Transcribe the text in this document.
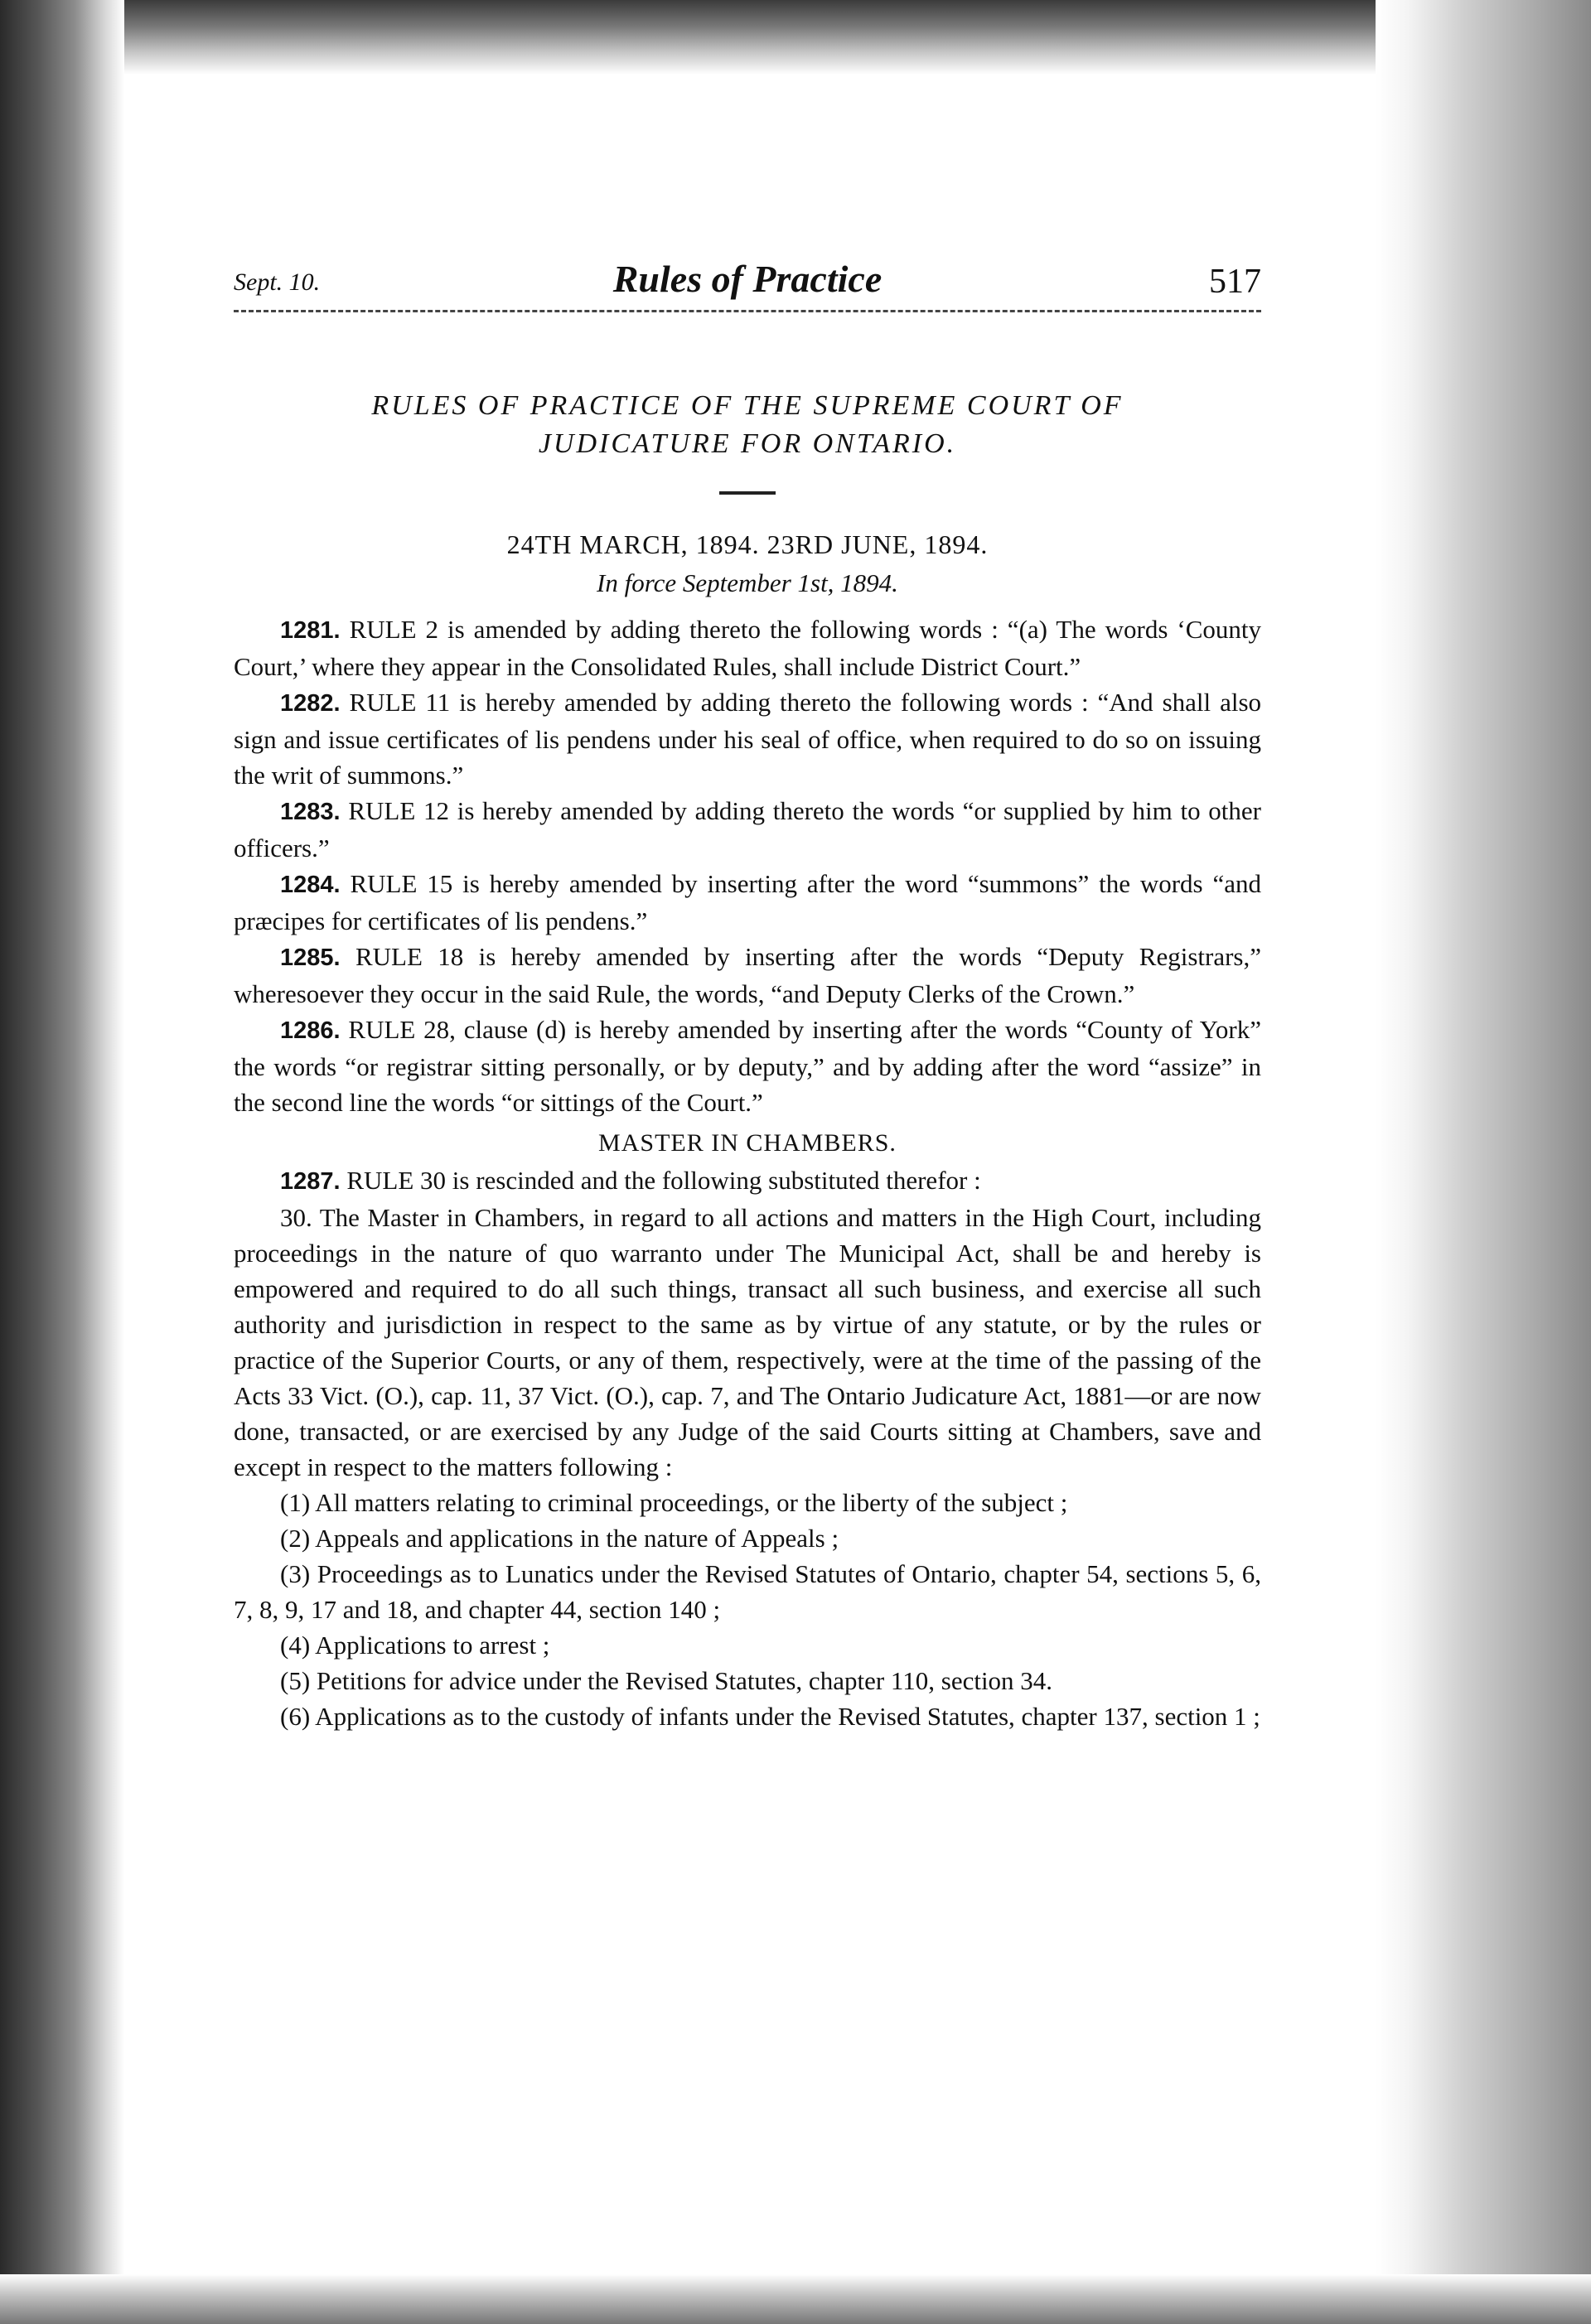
Sept. 10.	Rules of Practice	517
RULES OF PRACTICE OF THE SUPREME COURT OF
JUDICATURE FOR ONTARIO.
24TH MARCH, 1894. 23RD JUNE, 1894.
In force September 1st, 1894.

1281. RULE 2 is amended by adding thereto the following words : “(a) The words ‘County Court,’ where they appear in the Consolidated Rules, shall include District Court.”

1282. RULE 11 is hereby amended by adding thereto the following words : “And shall also sign and issue certificates of lis pendens under his seal of office, when required to do so on issuing the writ of summons.”

1283. RULE 12 is hereby amended by adding thereto the words “or supplied by him to other officers.”

1284. RULE 15 is hereby amended by inserting after the word “summons” the words “and præcipes for certificates of lis pendens.”

1285. RULE 18 is hereby amended by inserting after the words “Deputy Registrars,” wheresoever they occur in the said Rule, the words, “and Deputy Clerks of the Crown.”

1286. RULE 28, clause (d) is hereby amended by inserting after the words “County of York” the words “or registrar sitting personally, or by deputy,” and by adding after the word “assize” in the second line the words “or sittings of the Court.”

MASTER IN CHAMBERS.

1287. RULE 30 is rescinded and the following substituted therefor :

30. The Master in Chambers, in regard to all actions and matters in the High Court, including proceedings in the nature of quo warranto under The Municipal Act, shall be and hereby is empowered and required to do all such things, transact all such business, and exercise all such authority and jurisdiction in respect to the same as by virtue of any statute, or by the rules or practice of the Superior Courts, or any of them, respectively, were at the time of the passing of the Acts 33 Vict. (O.), cap. 11, 37 Vict. (O.), cap. 7, and The Ontario Judicature Act, 1881—or are now done, transacted, or are exercised by any Judge of the said Courts sitting at Chambers, save and except in respect to the matters following :

(1) All matters relating to criminal proceedings, or the liberty of the subject ;

(2) Appeals and applications in the nature of Appeals ;

(3) Proceedings as to Lunatics under the Revised Statutes of Ontario, chapter 54, sections 5, 6, 7, 8, 9, 17 and 18, and chapter 44, section 140 ;

(4) Applications to arrest ;

(5) Petitions for advice under the Revised Statutes, chapter 110, section 34.

(6) Applications as to the custody of infants under the Revised Statutes, chapter 137, section 1 ;
